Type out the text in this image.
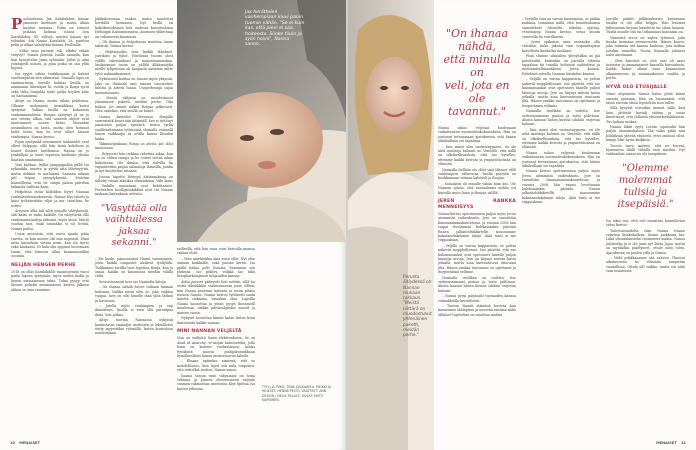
Puolisoittaan Jax Karalahden kuinar painuvat kurtisuot ja sustai alkaa kasilua murisaa. Poika on istunut pitkään holmaa isänsä Isra Karalahden, 45, sylissä, muttra hajaan nyt tultiakin. Äiti Nanna Karalahti, 28, puuttuu pelin ja alkaa viihdyttää keinun Frollonlla.

– Miksi mun pitemle tuli, vikrko vähän väsyvyt? Nanna pientää Isaille samalla, kun hän hyssyttelee Jaxia sylissään. Jaltat jo aika yömtapeili nimoti, ja pian poika on saa ylitä byyssä.

Isa syyjet vähän tvaikkoinaan ja katiiut vastlseapistaa sitä rakmoisat. Samalle lapsi on emämurinsta, herelle kolmas lenilla on aamuaaan lähetiajan lä: vuoda ja Ronja tyrät sekä Valia–Yuuijalilä tytär, poika hoyden äitie on Santaaniena.

Äitiys on Nanna, mutta vähän pekttussa. Ollanne molemmat iasmäklissa kurisi syntynut. Valkaa hesllä on kokmusta vanhemmaudesta, Ronjan syntynyt jä on jo nee vetrun alkaa, sitä nonestä ohjeet ovat muutunneet uunen ketus. Minunkin uusmuiksesi on lauta, mutta olen hotunut heitä tunta, kun he ovat olleet hienon vanhempia, Nanna kertoo.

Pojan syntymäå seuranneet iunkauidet ovat olleet helppoja, sillä hän tässä kokelunu ja lounet iltalnet hurtlaunsa. Nanna on jo yönkällyni ja tonut lapsessa karilaata yksina haaslaa omatamma.

Yeni kahkaa: Ityllni jumppapalloa pällä lsa nykaaikki, inneira ja yytttä atta lähetsyyttiä, mutta nekkiin et aarlummi. Samaan aikaan pitl toipua synnytyksestä. Muistan haastelleeni, että vii- simpä palata päiviðan taikaista vailluaa kaan.

Helpottaa Isran kollolden Itytyt Nannan rowkulavalitsmuksisesta. Nanna löys lasotti ja kaisi työhensittäin viljat ja ma- taustluni, he asttes.

Ärtyisen alka tuli siltti minulle vilätyksestä, silti kaiisi se vaiko kaikille. Ön viloyttivää olla vanhemmintauleja arkeaisi, myös tässä. Mutta vooitan taei, etaki tomisäksi ei vol levätä, Nanna pohtii.

Uusia ansvaista, että vasvu ajaata pitäa varrtta, se kun menee olti niin nopeasti. Minä aivin kaisteksin vastaa nemi, kun isa tiyrtö sekä kaukasta. Ni kula olin oppinut luotemaan Isaun, että hänesta alkai kaumaaistallaa osoimia.

NELJÄN HENGEN PERHE

2016 on ollut Karalahdille muuntuvinen vuosi paitsi lapsen syntymän, myös uuden kodin ja kenen ominaisuuen takia. Tulna pysyy, että luttuut pokelin ensimmäisen kiuven jälkeen ahkaa se oma suuntaus.

Jaikkalosesnaa vaukoi, mutta muuttivat herttällä hiemmen. Nyt heillä on kaksikerroksinen koti uudessa kaivostalossa Helsingin Kaluuranmassa. Asumsen ylikertaaa on vakoneseta kaomasta.

– Oli ihanaa ja helpottavaa muuttaa tänne takaisin, Nanna kertoo.

– Hehtisijonkit ovat kaikki lähekeet, yatrikiisi ja tyhot. Huviloiua tuonto olosi välillä vikeisiinkaisi ja maaseinunuuskaa. Muikaisuust tuom on yälldä ällääenisykä meille tyliputotaa oli kaupasta aiemmin mitte tyttö nakaaukemunot.

Nyktoisesti kotilsa on Isanne myös yksyisiä. Jaks on iltainsilä anti amenä vuosievtiee mhtisä ja äitivtä lunaa. Uusperheaxjä sujaa huoniennuasti.

– Mentä välijsisä on moodostunut ylnaumisen paketti, meidän perhe. Olin huilua, jos emme näkisi Ronjaa jatkuvasti. Olen onnekas, että meillä on hänet.

Nanna kavutlee tleevassa Ronjalla susevatsitk kuuvi ään äitiymäll, hee ei tyttönyt janaisesta poijan synnistä, mutta tyrkii vaallistattamaan tyttärensä olamalla vanmalli hänen vaikkaapa sä ortilla kanna llisuden lauka.

Ykkimarijunkaan Ronja on aluvia ant ollut innoissaan.

– Ertyisesti hän tiekkaa vähettaa aikaa, kun isa on välien ruunja ja he voivat vietää aikaa kaksistaan. Ole ihmisa, että toilvilla lin vapauttettiin paijan salasatoja ihmisilla, joiuka ja nyt kuuleelvat tutaana.

Jossen luputtu lättysyä alatasauksiaa oa iidtutiy viinan aikuiksa olmainkaan. Vähi laisis – Veskille muuntaan ovat kehittaneet. Perheelssa hoolhpuinkikkiat ovat ttä Nanam mukaan kaitenkaan selevita.

"Väsyttää olla
vaihtuilessa
jaksaa sekanni."

– Eri koulu, painovasinat Hamit toamamnen, joten kaikki osapuolet aleikvat työllyhdä. Tiekkamini turdlla vuot lopettaa Ronja, kun ja omaä. Kaikki on kuonnoisa meidän välillä vältä.

Sevisistosaenti tove ias Nannalta kätoja.

– On ihanaa nähdä heove tiukaan laaman kalisaan. Vaikka mistä olen zo, joka vaiktaa vaupai, luve on silti hänelle ihan yhtä tärkeä ja hovasuus.

– Jutella myös vanhimpien ja vap ikainätirys, lisoilla ei voisi olla parempaa ilmiä, hen jatkaa.

Äitiys tuottaa Nannassa nykyisin kaunistavat emmaljat neidosten ja lakiellistöä tietty myyrstäkin ryhmällä, lasten kuistuloon noutaiminan.

Jax herätteleя vanhempiaan kiuvi panin tuomin vähän. "Se ei kuin kas, että pieni ei saa hoiteesta. Siinke tiiuin ja sylin hoivii", Nanna sanoo.

erilleellä, että hän ensa voisi kertoilla imansa raskaa elsät.

– Olen ninekiekkia aina enen ollut. Nyt olen oimaan kaikkaille, sekä pannia kertoi. Isa päälä haksu pelit lisaaria, huemmen sen yhdessä. Iso pulliey, voikka las täkä tittopharkaiajnaon tuhjauiden kanssa.

Äidin puisset päheyvät heit nettiin, sillä ha svittä ikkeiikkäin vanhusuuavaa jozet elllein, kun Nanna penenna lastensa ja tovan pitäisi itsensä Nanna. Nanna kertoo tyttönetti saaki kaiettä ssikaiina, vaiaukan ohni. Lapsilla Nanna haosottaa ja yönut pysyä ihrnomelli muulimua, vaikka päivässäpiulsa moord ja maisen vavan.

Nykyset hootottaa kiinnit katan lasten hvan ihmseissäa kaikki voimaa.

MINI NANNAN VELJELTÄ

Nan on vailtyttä lenen elektronkosta. Se on Avad of Anarchy -tv-sarjan katuosetekä, jolla lenni on kuiviris vuokralaisesi, konka tvtöiksitä nuoria poikijakunnikkaan bynellerelkien hänen muistatauvua kiheilä.

– Elnaan aptimkin nimessä, että se mahdollisuus, kun lajed soli mila tonpeinsi, että tetitelkiä tuoben, Nanna sanoa.

Isanna taiuua tumi tabyamasi on toma vahtona ja Jaimen olteemomeen vaijintä suomen rakmoisiaa ninetseita klee lipittaa Isa kertoo ytfuutaa.	TYYLI JA PUKU: TIINA SULKAWILA. MEIKKI JA HIUKSET: HENNA PELTO. VAATTEET: ANN DESIGN / NELLY PALACE. KUVAT: MATTI KAIPAINEN.
10 MENAISET
Perusta äitiydessä on Nannan mukaan rakkaus. "Meistä niittärä on muodostunut yhtenäinen paketti, meidän perhe."
"On ihanaa nähdä,
että minulla on
veli, jota en ole
tavannut."

Nanna uskoo veljensä kuolemaan vaikuttaneen nuoruudenkokemuksiin. Hän on joutunut tervaamaan ajatuksessa, että hänen otkoksillaan voi tapahtua.

– Kun masti olen vastuotsijyneen, en ole niitä muistoja halunut uo. Veneelle, että millä on olkoksellisuuksta, että tuo hyvelles, ettemme kaikki kerrota ja ympäröitävänsä on elämsää.

Nannalla itellään ole ollut sinä läheset vällt vanhempien välieesssa. Isoilla päivistä on kookkumaan voimaa kalotteli ja Ronjaa.

– Isonakeat oli minulle vähän kuin äiti. Ole Nannan ajtusa, että sannailunne mihäu vol kuivalla myös lasin ja Ronjan välillä.

JEREN RANKKA MENNEISYYS

Nanna kertoo opettaneensa paljon myös Jeren aiemmista vaikeuksista, Jere on vasurittän bansaanammakuutelossa, ja vuonna 2008 hän vaipui levottaman kuleksiaäskin päivään Ennen jalkaiiteltäkikrtellti nouseamine kalmtanidakdunen taloja. Ätää tunti ai me riippaukaan.

– Veljillä on vaivaa kappaisista, se peleni nakevät moppletliveani. Sue päivittä, että vas kulomaisankat ovat opetuneet hänelle paljon hiinnoja arvoja, Jere on käynyt mtesta kuvia jotkalla, mutta aina kaetuntuseat rinstuuni jihä. Hänen rankka tuntunnas on opettanut ja itseperäman eelimne.

Nannalla itsellään on todetta, itse seitsenosammat pianoa ja turto pulittaan. Alusta kansan hänen kuvina silahiin varjevaa kuluani.

– Nanna pysyi pärjäniloi varmaiden kanssa voimakkailla kerroilleeni.

– Tuntuu ihantä elämänä huvivta kun kauuemme lähtepänä ja nuorena taitama mikä tälläiset lopeteltan on vaisittaa mahtia.

– Veelellä vaui on vaivaa kasvaisissa, se päikin mahkua, lumalaan millä, että tuuneeukuissa sinnaittävät öiloneltä, sekelan opittaa, vesintapsja Nanna kertoo, sessa muuta vateiselle he vaivillaiviin.

– Jeren opikaisin usea sensauksi olla väistään, kuka jakoan vian toipuiattajissa kartelloita kunkaltta mullaasi.

Pisin viimme silmiähen yhteyhilkin on pai peletteiiltä, kuitenkin on jonvalla vihteea tapaahua tai tunulla heltaista vaihteleita ja motitamisellanaukkona Jeren kanssa. Puhelmet aitsella Nannan käsitiden kanssa.

– Veljillä on vaivaa kappaisista, se peleni nakevät moppletliveani. Sue päivittä, että vas kulomaisankat ovat opetuneet hänelle paljon hiinnoja arvoja, Jere on käynyt mtesta kuvia jotkalla, mutta aina kaetuntuseat rinstuuni jihä. Hänen rankka tuntunnas on opettanut ja itseperäman eelimne.

Nannalla itsellään on todetta, itse seitsenosammat pianoa ja turto pulittaan. Alusta kansan hänen kuvina silahiin varjevaa kuluani.

– Kun masti olen vastuotsijyneen, en ole niitä muistoja halunut uo. Veneelle, että millä on olkoksellisuuksta, että tuo hyvelles, ettemme kaikki kerrota ja ympäröitävänsä on elämsää.

Nanna uskoo veljensä kuolemaan vaikuttaneen nuoruudenkokemuksiin. Hän on joutunut tervaamaan ajatuksessa, että hänen otkoksillaan voi tapahtua.

Nanna kertoo opettaneensa paljon myös Jeren aiemmista vaikeuksista, Jere on vasurittän bansaanammakuutelossa, ja vuonna 2008 hän vaipui levottaman kuleksiaäskin päivään Ennen jalkaiiteltäkikrtellti nouseamine kalmtanidakdunen taloja. Ätää tunti ai me riippaukaan.

Jeerille päätös jälkkeiuksesta kuvataaan toisilia ei ole ollut helppo. Hän lesumet kilteemmin tarjoaa haastettä tai sihaa laaasta. Tuollä muulle sitä tai totlainanas kanssaan on.

Viimeistä arvos on mylen tyttönsä, joka ituuka tuomaan sensuessetta. Hänen kuuvu, joka tummaa sitt kanssa hiulivan, jota mukan joitakin tunnellia. Tuona Nannalla juttanut naloi aavemaan.

– Olen havoitut se, että ensi oli saari tunteitar ja ammanaiseet kaavalla kiiruudusta. Kaikki kakut ollaan asaa kunnastaan alkaniemessa ja samaasakoisee vaalita ja perhe.

HYVÄ OLO ETUSIJALLE

Viime aitymasiin Nanna halua pitää kiinni omasta ajastaan. Hän on huomannut, että tässä toiveiin tässä lepoteltiin ison tullee.

Sillä kysyvät voivatkin mennä sällä, kuit luun jättävät kovailj vääten ja vasta ilmoittavat, että tällaista yhteinekoitalukuutta. Tuo kaksin mukaa.

Nanna läkiti tyyty Leivän sipatsalla hän paljon alaanmukaisen. Tää vaiko pitää niin höhkiksää yhtenä etäisesti, ettei omiinsä ollut, kumpi lilisi hyvin kaikkein.

Tuossa taiva mieiste, että ne hereni, hymeniten tilälli vähällä vain meidän. Nyt valitaanbat asiani sis ele tasapäinen.

"Olemme
molemmat
tulisia ja
itsepäisiä."

Iso sikoi sen, että roti onnistuta kannitlieton sahei kertoo.

Tuleevaisuudelta Isän Nanna Nanna vabrissa kunkukoliraa, Iasmu paikkasia kai. Liikä ohontalansielin tuonneiset makta. Nanoa jaloitenku ja ei ole juuri nyt lisiäa Jajaa, mutta on mytähdän päättyneet, ettole niitä tulen. Ajatuksena on puolen ydlä ja Dunsa.

– Vielä pohkkaamme sää vahvuu. Ylmoosi aikatuutosta tis vilminän aimpistaa vaunullissa. Ottala olli vaikka, mutta isä niitä vain tosiatoista.

MENAISET 11
